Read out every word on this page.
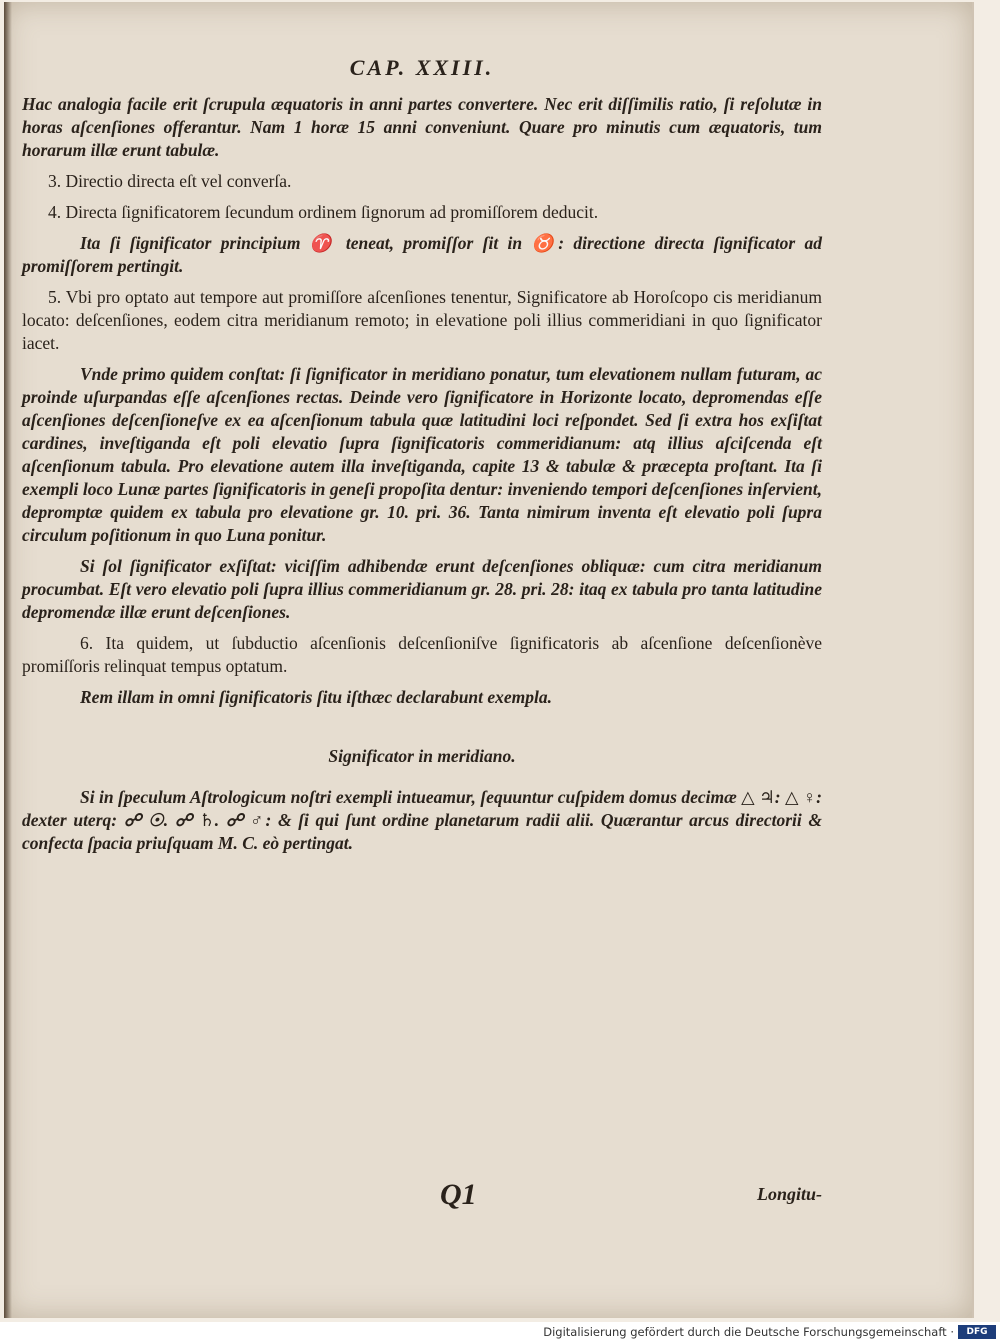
CAP. XXIII.

Hac analogia facile erit ſcrupula æquatoris in anni partes convertere. Nec erit diſſimilis ratio, ſi reſolutæ in horas aſcenſiones offerantur. Nam 1 horæ 15 anni conveniunt. Quare pro minutis cum æquatoris, tum horarum illæ erunt tabulæ.

3. Directio directa eſt vel converſa.

4. Directa ſignificatorem ſecundum ordinem ſignorum ad promiſſorem deducit.

Ita ſi ſignificator principium ♈ teneat, promiſſor ſit in ♉: directione directa ſignificator ad promiſſorem pertingit.

5. Vbi pro optato aut tempore aut promiſſore aſcenſiones tenentur, Significatore ab Horoſcopo cis meridianum locato: deſcenſiones, eodem citra meridianum remoto; in elevatione poli illius commeridiani in quo ſignificator iacet.

Vnde primo quidem conſtat: ſi ſignificator in meridiano ponatur, tum elevationem nullam futuram, ac proinde uſurpandas eſſe aſcenſiones rectas. Deinde vero ſignificatore in Horizonte locato, depromendas eſſe aſcenſiones deſcenſioneſve ex ea aſcenſionum tabula quæ latitudini loci reſpondet. Sed ſi extra hos exſiſtat cardines, inveſtiganda eſt poli elevatio ſupra ſignificatoris commeridianum: atq illius aſciſcenda eſt aſcenſionum tabula. Pro elevatione autem illa inveſtiganda, capite 13 & tabulæ & præcepta proſtant. Ita ſi exempli loco Lunæ partes ſignificatoris in geneſi propoſita dentur: inveniendo tempori deſcenſiones inſervient, depromptæ quidem ex tabula pro elevatione gr. 10. pri. 36. Tanta nimirum inventa eſt elevatio poli ſupra circulum poſitionum in quo Luna ponitur.

Si ſol ſignificator exſiſtat: viciſſim adhibendæ erunt deſcenſiones obliquæ: cum citra meridianum procumbat. Eſt vero elevatio poli ſupra illius commeridianum gr. 28. pri. 28: itaq ex tabula pro tanta latitudine depromendæ illæ erunt deſcenſiones.

6. Ita quidem, ut ſubductio aſcenſionis deſcenſioniſve ſignificatoris ab aſcenſione deſcenſionève promiſſoris relinquat tempus optatum.

Rem illam in omni ſignificatoris ſitu iſthæc declarabunt exempla.

Significator in meridiano.

Si in ſpeculum Aſtrologicum noſtri exempli intueamur, ſequuntur cuſpidem domus decimæ △ ♃: △ ♀: dexter uterq: ☍ ☉. ☍ ♄. ☍ ♂: & ſi qui ſunt ordine planetarum radii alii. Quærantur arcus directorii & confecta ſpacia priuſquam M. C. eò pertingat.

Q1	Longitu-
Digitalisierung gefördert durch die Deutsche Forschungsgemeinschaft ·	DFG
